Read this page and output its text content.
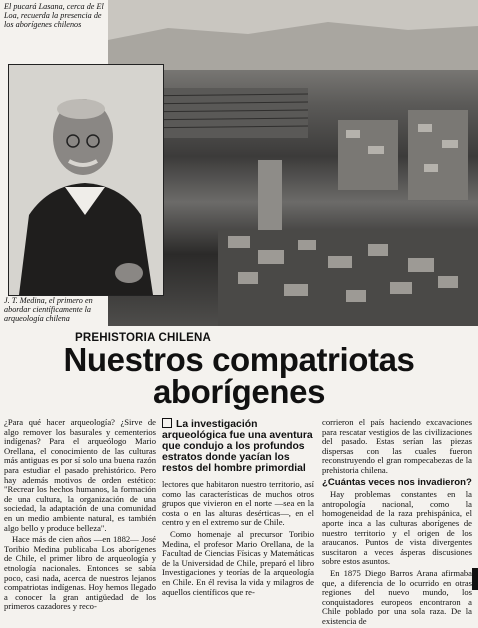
El pucará Lasana, cerca de El Loa, recuerda la presencia de los aborígenes chilenos
J. T. Medina, el primero en abordar científicamente la arqueología chilena
PREHISTORIA CHILENA
Nuestros compatriotas
aborígenes

¿Para qué hacer arqueología? ¿Sirve de algo remover los basurales y cementerios indígenas? Para el arqueólogo Mario Orellana, el conocimiento de las culturas más antiguas es por sí solo una buena razón para estudiar el pasado prehistórico. Pero hay además motivos de orden estético: "Recrear los hechos humanos, la formación de una cultura, la organización de una sociedad, la adaptación de una comunidad en un medio ambiente natural, es también algo bello y produce belleza".

Hace más de cien años —en 1882— José Toribio Medina publicaba Los aborígenes de Chile, el primer libro de arqueología y etnología nacionales. Entonces se sabía poco, casi nada, acerca de nuestros lejanos compatriotas indígenas. Hoy hemos llegado a conocer la gran antigüedad de los primeros cazadores y reco-

La investigación arqueológica fue una aventura que condujo a los profundos estratos donde yacían los restos del hombre primordial

lectores que habitaron nuestro territorio, así como las características de muchos otros grupos que vivieron en el norte —sea en la costa o en las alturas desérticas—, en el centro y en el extremo sur de Chile.

Como homenaje al precursor Toribio Medina, el profesor Mario Orellana, de la Facultad de Ciencias Físicas y Matemáticas de la Universidad de Chile, preparó el libro Investigaciones y teorías de la arqueología en Chile. En él revisa la vida y milagros de aquellos científicos que re-

corrieron el país haciendo excavaciones para rescatar vestigios de las civilizaciones del pasado. Estas serían las piezas dispersas con las cuales fueron reconstruyendo el gran rompecabezas de la prehistoria chilena.

¿Cuántas veces nos invadieron?

Hay problemas constantes en la antropología nacional, como la homogeneidad de la raza prehispánica, el aporte inca a las culturas aborígenes de nuestro territorio y el origen de los araucanos. Puntos de vista divergentes suscitaron a veces ásperas discusiones sobre estos asuntos.

En 1875 Diego Barros Arana afirmaba que, a diferencia de lo ocurrido en otras regiones del nuevo mundo, los conquistadores europeos encontraron a Chile poblado por una sola raza. De la existencia de
